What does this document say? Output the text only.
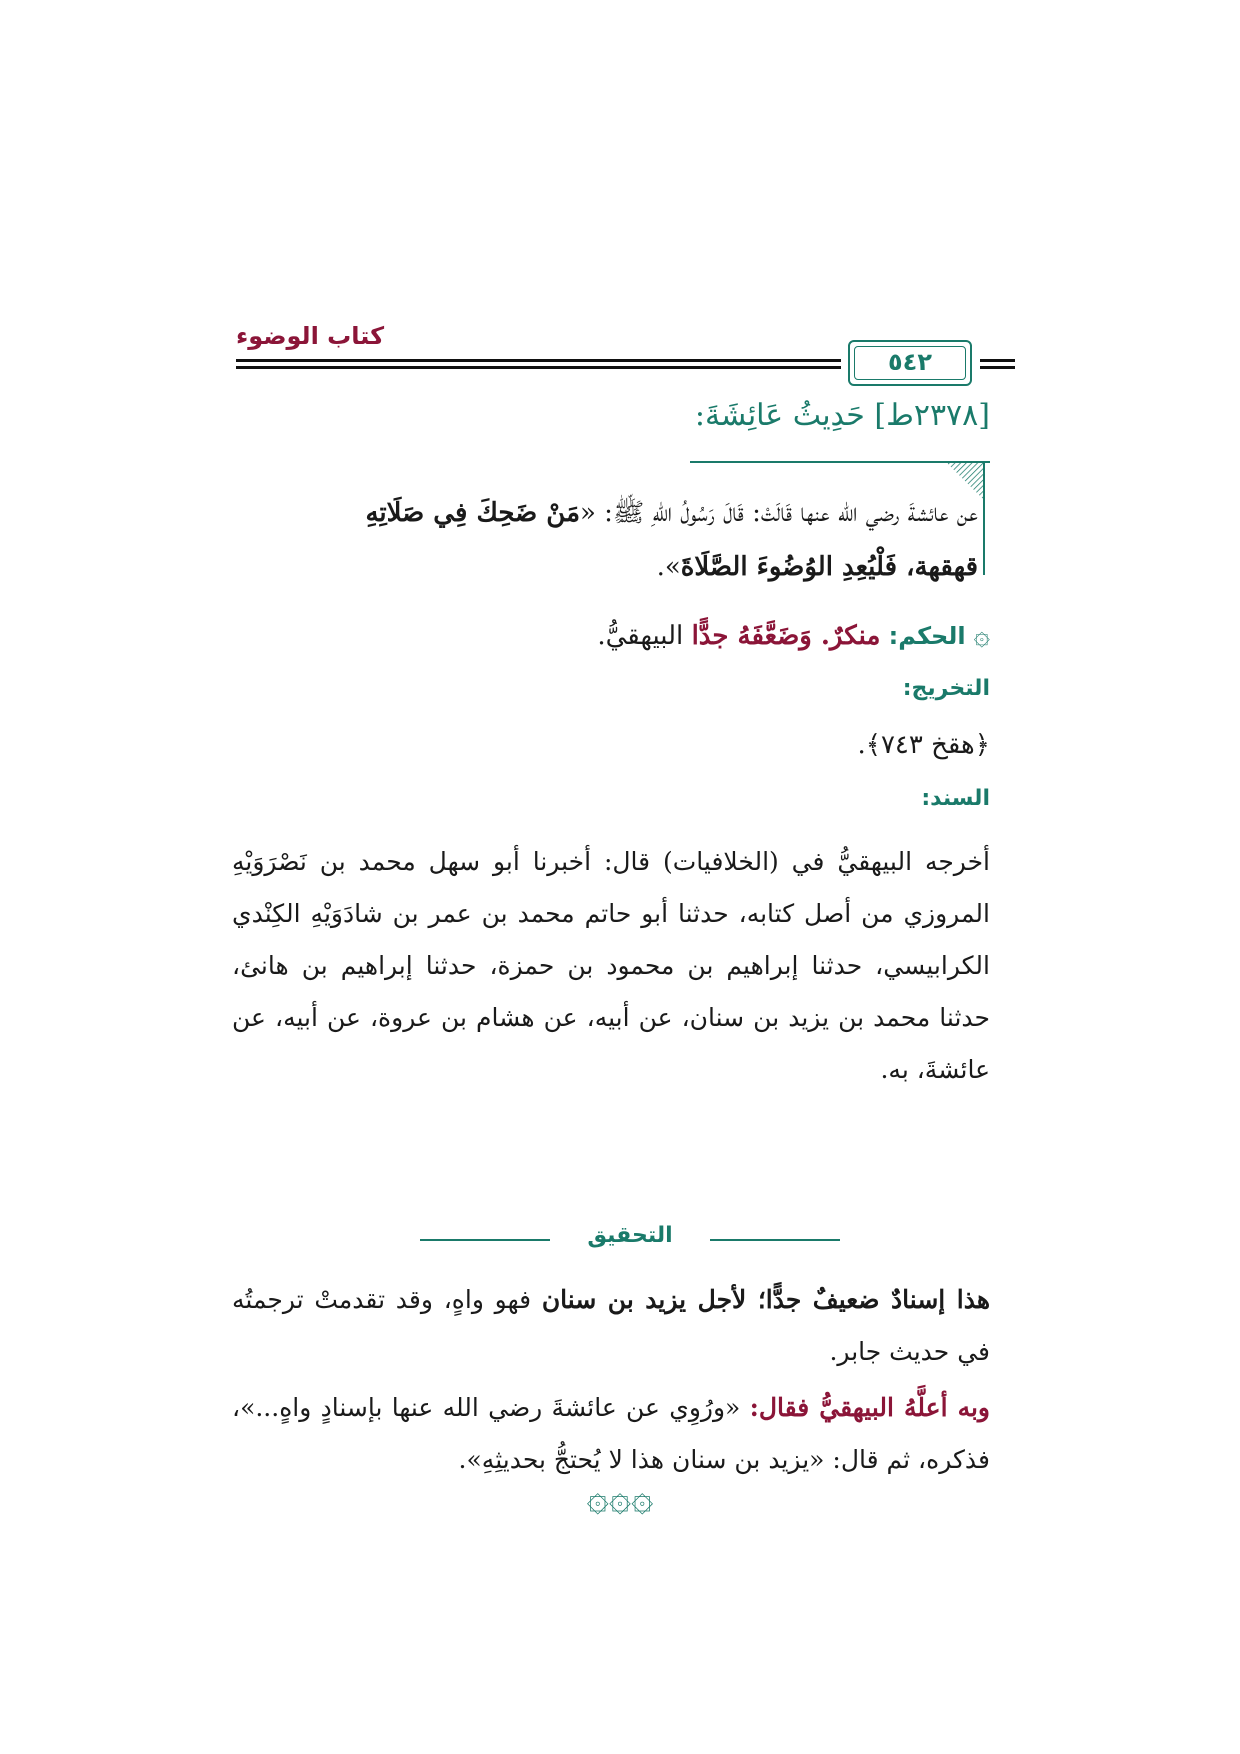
كتاب الوضوء
٥٤٢
[٢٣٧٨ط] حَدِيثُ عَائِشَةَ:
عن عائشةَ رضي الله عنها قَالَتْ: قَالَ رَسُولُ اللهِ ﷺ: «مَنْ ضَحِكَ فِي صَلَاتِهِ
قهقهة، فَلْيُعِدِ الوُضُوءَ الصَّلَاةَ».
۞الحكم: منكرٌ. وَضَعَّفَهُ جدًّا البيهقيُّ.
التخريج:
﴿هقخ ٧٤٣﴾.
السند:
أخرجه البيهقيُّ في (الخلافيات) قال: أخبرنا أبو سهل محمد بن نَصْرَوَيْهِ المروزي من أصل كتابه، حدثنا أبو حاتم محمد بن عمر بن شادَوَيْهِ الكِنْدي الكرابيسي، حدثنا إبراهيم بن محمود بن حمزة، حدثنا إبراهيم بن هانئ، حدثنا محمد بن يزيد بن سنان، عن أبيه، عن هشام بن عروة، عن أبيه، عن عائشةَ، به.
التحقيق
هذا إسنادٌ ضعيفٌ جدًّا؛ لأجل يزيد بن سنان فهو واهٍ، وقد تقدمتْ ترجمتُه في حديث جابر.
وبه أعلَّهُ البيهقيُّ فقال: «ورُوِي عن عائشةَ رضي الله عنها بإسنادٍ واهٍ...»، فذكره، ثم قال: «يزيد بن سنان هذا لا يُحتجُّ بحديثِهِ».
۞۞۞
